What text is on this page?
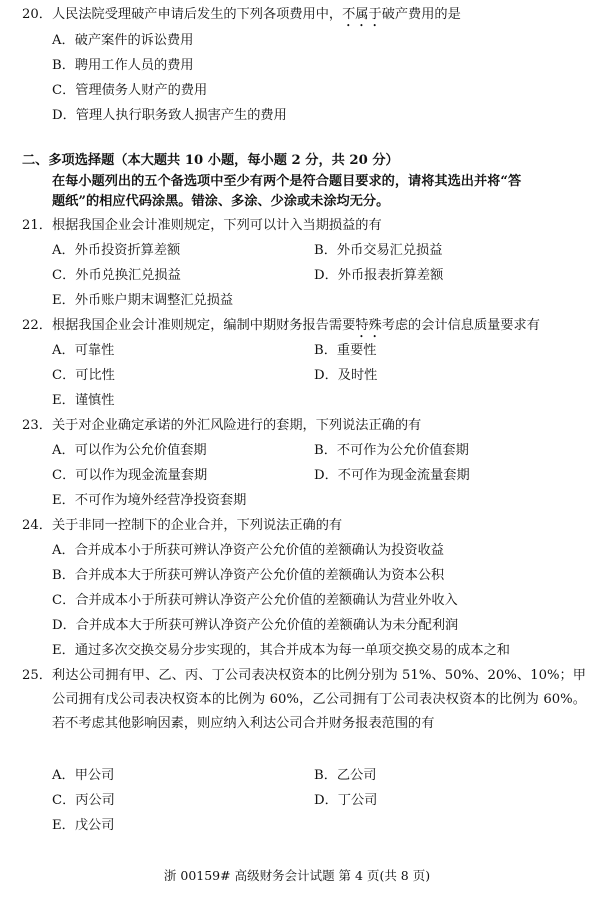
20． 人民法院受理破产申请后发生的下列各项费用中，不属于破产费用的是
A．破产案件的诉讼费用
B．聘用工作人员的费用
C．管理债务人财产的费用
D．管理人执行职务致人损害产生的费用
二、多项选择题（本大题共 10 小题，每小题 2 分，共 20 分）
在每小题列出的五个备选项中至少有两个是符合题目要求的，请将其选出并将“答
题纸”的相应代码涂黑。错涂、多涂、少涂或未涂均无分。
21． 根据我国企业会计准则规定，下列可以计入当期损益的有
A．外币投资折算差额	B．外币交易汇兑损益
C．外币兑换汇兑损益	D．外币报表折算差额
E．外币账户期末调整汇兑损益
22． 根据我国企业会计准则规定，编制中期财务报告需要特殊考虑的会计信息质量要求有
A．可靠性	B．重要性
C．可比性	D．及时性
E．谨慎性
23． 关于对企业确定承诺的外汇风险进行的套期，下列说法正确的有
A．可以作为公允价值套期	B．不可作为公允价值套期
C．可以作为现金流量套期	D．不可作为现金流量套期
E．不可作为境外经营净投资套期
24． 关于非同一控制下的企业合并，下列说法正确的有
A．合并成本小于所获可辨认净资产公允价值的差额确认为投资收益
B．合并成本大于所获可辨认净资产公允价值的差额确认为资本公积
C．合并成本小于所获可辨认净资产公允价值的差额确认为营业外收入
D．合并成本大于所获可辨认净资产公允价值的差额确认为未分配利润
E．通过多次交换交易分步实现的，其合并成本为每一单项交换交易的成本之和
25． 利达公司拥有甲、乙、丙、丁公司表决权资本的比例分别为 51%、50%、20%、10%；甲公司拥有戊公司表决权资本的比例为 60%，乙公司拥有丁公司表决权资本的比例为 60%。若不考虑其他影响因素，则应纳入利达公司合并财务报表范围的有
A．甲公司	B．乙公司
C．丙公司	D．丁公司
E．戊公司
浙 00159# 高级财务会计试题 第 4 页(共 8 页)
